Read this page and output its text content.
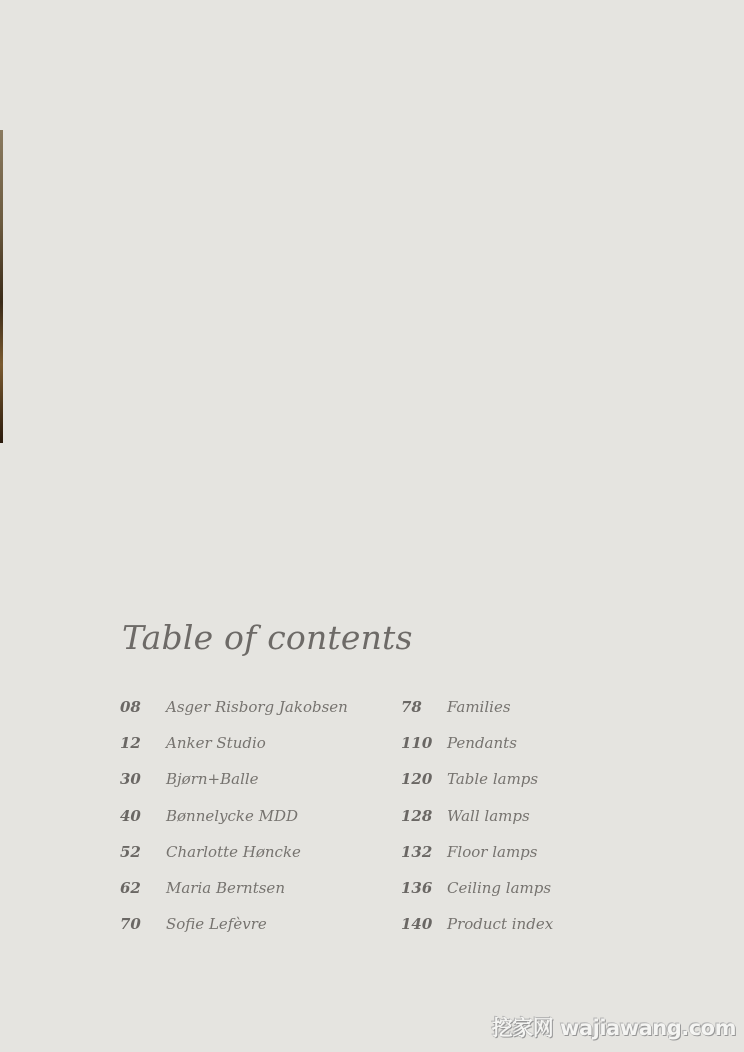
Table of contents
08	Asger Risborg Jakobsen
12	Anker Studio
30	Bjørn+Balle
40	Bønnelycke MDD
52	Charlotte Høncke
62	Maria Berntsen
70	Sofie Lefèvre
78	Families
110 Pendants
120 Table lamps
128 Wall lamps
132 Floor lamps
136 Ceiling lamps
140 Product index
挖家网 wajiawang.com
